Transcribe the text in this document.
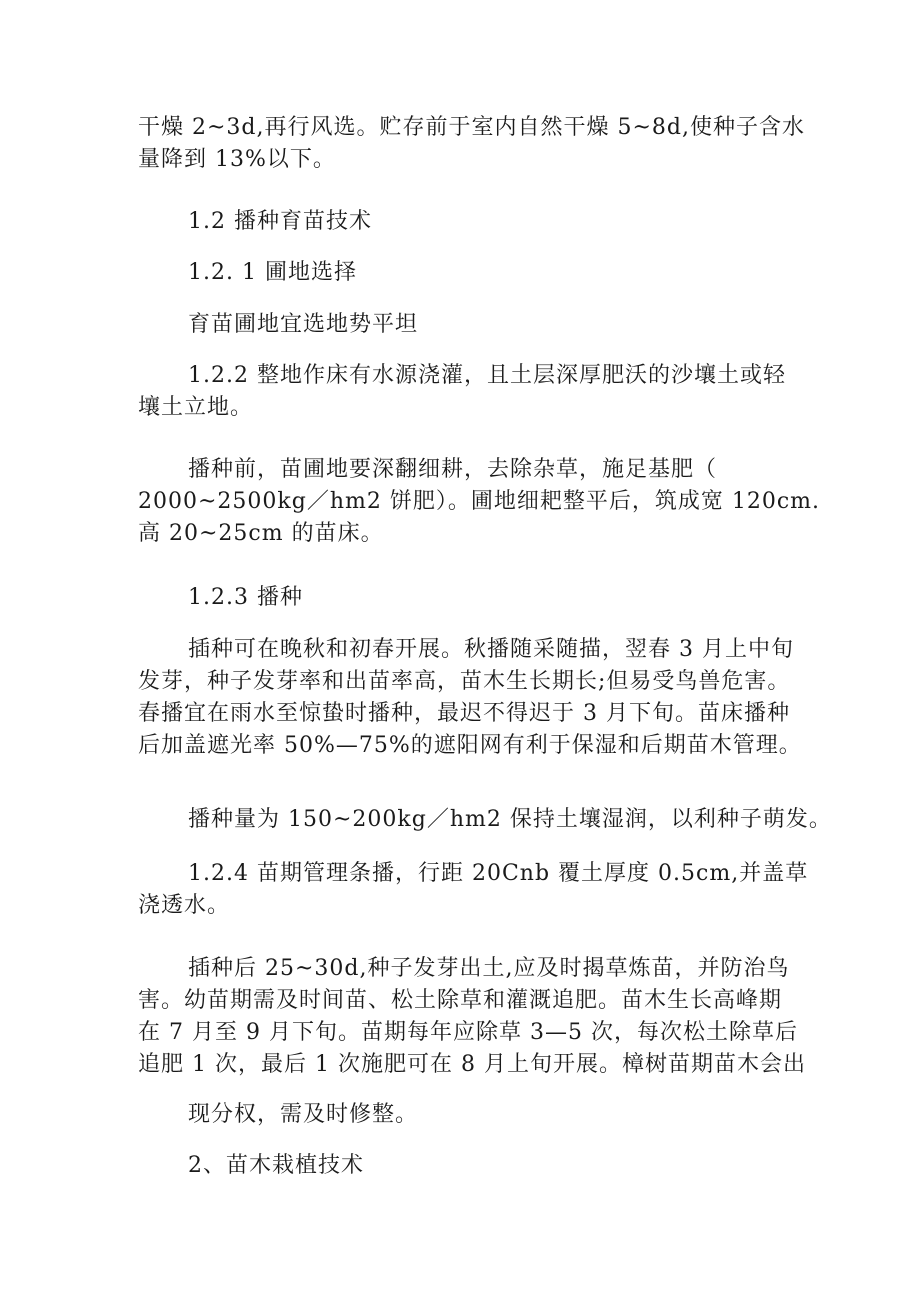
干燥 2~3d,再行风选。贮存前于室内自然干燥 5~8d,使种子含水
量降到 13%以下。

1.2 播种育苗技术

1.2. 1 圃地选择

育苗圃地宜选地势平坦

1.2.2 整地作床有水源浇灌，且土层深厚肥沃的沙壤土或轻
壤土立地。

播种前，苗圃地要深翻细耕，去除杂草，施足基肥（
2000~2500kg／hm2 饼肥）。圃地细耙整平后，筑成宽 120cm.
高 20~25cm 的苗床。

1.2.3 播种

插种可在晚秋和初春开展。秋播随采随描，翌春 3 月上中旬
发芽，种子发芽率和出苗率高，苗木生长期长;但易受鸟兽危害。
春播宜在雨水至惊蛰时播种，最迟不得迟于 3 月下旬。苗床播种
后加盖遮光率 50%—75%的遮阳网有利于保湿和后期苗木管理。

播种量为 150~200kg／hm2 保持土壤湿润，以利种子萌发。

1.2.4 苗期管理条播，行距 20Cnb 覆土厚度 0.5cm,并盖草
浇透水。

插种后 25~30d,种子发芽出土,应及时揭草炼苗，并防治鸟
害。幼苗期需及时间苗、松土除草和灌溉追肥。苗木生长高峰期
在 7 月至 9 月下旬。苗期每年应除草 3—5 次，每次松土除草后
追肥 1 次，最后 1 次施肥可在 8 月上旬开展。樟树苗期苗木会出

现分权，需及时修整。

2、苗木栽植技术
